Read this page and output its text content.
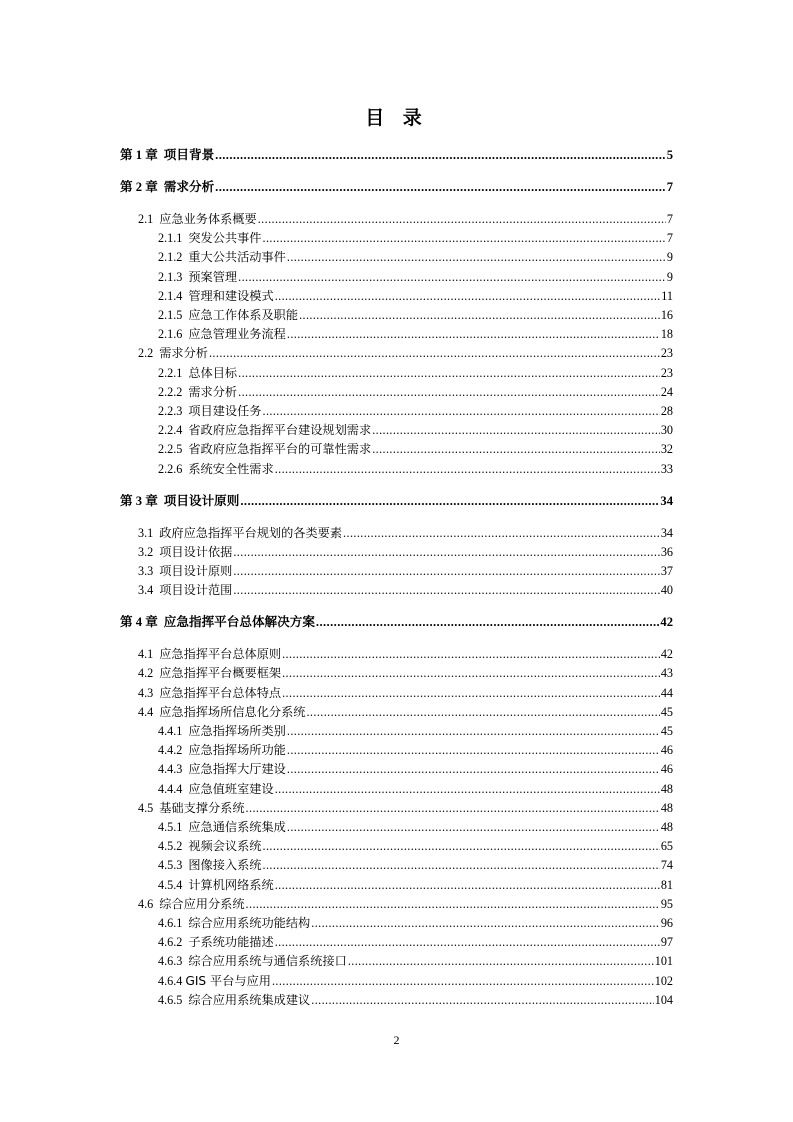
目 录
第 1 章 项目背景 .....	5
第 2 章 需求分析 .....	7
2.1 应急业务体系概要 .....	7
2.1.1 突发公共事件 .....	7
2.1.2 重大公共活动事件 .....	9
2.1.3 预案管理 .....	9
2.1.4 管理和建设模式 .....	11
2.1.5 应急工作体系及职能 .....	16
2.1.6 应急管理业务流程 .....	18
2.2 需求分析 .....	23
2.2.1 总体目标 .....	23
2.2.2 需求分析 .....	24
2.2.3 项目建设任务 .....	28
2.2.4 省政府应急指挥平台建设规划需求 .....	30
2.2.5 省政府应急指挥平台的可靠性需求 .....	32
2.2.6 系统安全性需求 .....	33
第 3 章 项目设计原则 .....	34
3.1 政府应急指挥平台规划的各类要素 .....	34
3.2 项目设计依据 .....	36
3.3 项目设计原则 .....	37
3.4 项目设计范围 .....	40
第 4 章 应急指挥平台总体解决方案 .....	42
4.1 应急指挥平台总体原则 .....	42
4.2 应急指挥平台概要框架 .....	43
4.3 应急指挥平台总体特点 .....	44
4.4 应急指挥场所信息化分系统 .....	45
4.4.1 应急指挥场所类别 .....	45
4.4.2 应急指挥场所功能 .....	46
4.4.3 应急指挥大厅建设 .....	46
4.4.4 应急值班室建设 .....	48
4.5 基础支撑分系统 .....	48
4.5.1 应急通信系统集成 .....	48
4.5.2 视频会议系统 .....	65
4.5.3 图像接入系统 .....	74
4.5.4 计算机网络系统 .....	81
4.6 综合应用分系统 .....	95
4.6.1 综合应用系统功能结构 .....	96
4.6.2 子系统功能描述 .....	97
4.6.3 综合应用系统与通信系统接口 .....	101
4.6.4 GIS 平台与应用 .....	102
4.6.5 综合应用系统集成建议 .....	104
2
